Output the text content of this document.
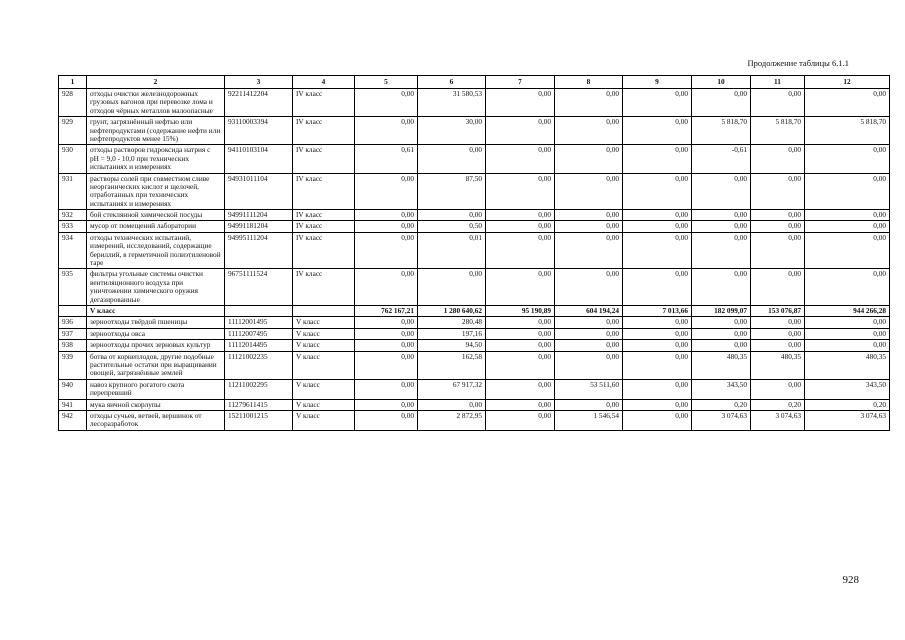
Продолжение таблицы 6.1.1
1	2	3	4	5	6	7	8	9	10	11	12
928	отходы очистки железнодорожных грузовых вагонов при перевозке лома и отходов чёрных металлов малоопасные	92211412204	IV класс	0,00	31 580,53	0,00	0,00	0,00	0,00	0,00	0,00
929	грунт, загрязнённый нефтью или нефтепродуктами (содержание нефти или нефтепродуктов менее 15%)	93110003394	IV класс	0,00	30,00	0,00	0,00	0,00	5 818,70	5 818,70	5 818,70
930	отходы растворов гидроксида натрия с pH = 9,0 - 10,0 при технических испытаниях и измерениях	94110103104	IV класс	0,61	0,00	0,00	0,00	0,00	-0,61	0,00	0,00
931	растворы солей при совместном сливе неорганических кислот и щелочей, отработанных при технических испытаниях и измерениях	94931011104	IV класс	0,00	87,50	0,00	0,00	0,00	0,00	0,00	0,00
932	бой стеклянной химической посуды	94991111204	IV класс	0,00	0,00	0,00	0,00	0,00	0,00	0,00	0,00
933	мусор от помещений лаборатории	94991181204	IV класс	0,00	0,50	0,00	0,00	0,00	0,00	0,00	0,00
934	отходы технических испытаний, измерений, исследований, содержащие бериллий, в герметичной полиэтиленовой таре	94995111204	IV класс	0,00	0,01	0,00	0,00	0,00	0,00	0,00	0,00
935	фильтры угольные системы очистки вентиляционного воздуха при уничтожении химического оружия дегазированные	96751111524	IV класс	0,00	0,00	0,00	0,00	0,00	0,00	0,00	0,00
	V класс			762 167,21	1 280 640,62	95 190,89	604 194,24	7 013,66	182 099,07	153 076,87	944 266,28
936	зерноотходы твёрдой пшеницы	11112001495	V класс	0,00	280,48	0,00	0,00	0,00	0,00	0,00	0,00
937	зерноотходы овса	11112007495	V класс	0,00	197,16	0,00	0,00	0,00	0,00	0,00	0,00
938	зерноотходы прочих зерновых культур	11112014495	V класс	0,00	94,50	0,00	0,00	0,00	0,00	0,00	0,00
939	ботва от корнеплодов, другие подобные растительные остатки при выращивании овощей, загрязнённые землей	11121002235	V класс	0,00	162,58	0,00	0,00	0,00	480,35	480,35	480,35
940	навоз крупного рогатого скота перепревший	11211002295	V класс	0,00	67 917,32	0,00	53 511,60	0,00	343,50	0,00	343,50
941	мука яичной скорлупы	11279611415	V класс	0,00	0,00	0,00	0,00	0,00	0,20	0,20	0,20
942	отходы сучьев, ветвей, вершинок от лесоразработок	15211001215	V класс	0,00	2 872,95	0,00	1 546,54	0,00	3 074,63	3 074,63	3 074,63
928
